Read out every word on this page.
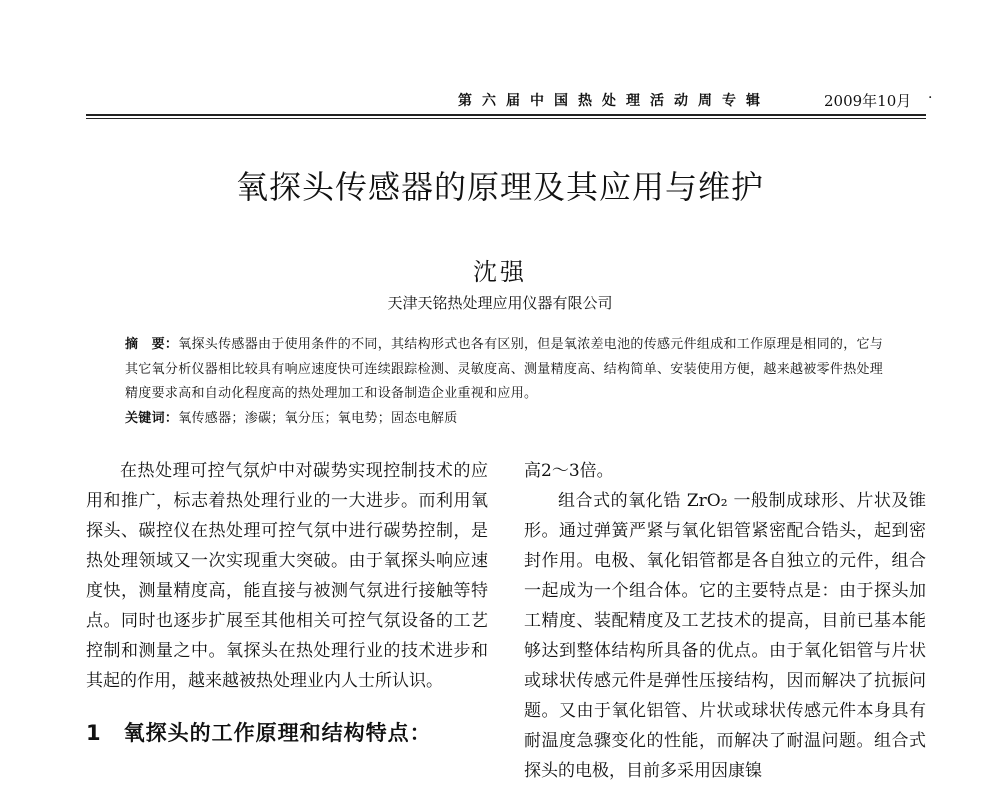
第六届中国热处理活动周专辑	2009年10月 ·
氧探头传感器的原理及其应用与维护
沈强
天津天铭热处理应用仪器有限公司

摘　要：氧探头传感器由于使用条件的不同，其结构形式也各有区别，但是氧浓差电池的传感元件组成和工作原理是相同的，它与其它氧分析仪器相比较具有响应速度快可连续跟踪检测、灵敏度高、测量精度高、结构简单、安装使用方便，越来越被零件热处理精度要求高和自动化程度高的热处理加工和设备制造企业重视和应用。

关键词：氧传感器；渗碳；氧分压；氧电势；固态电解质

在热处理可控气氛炉中对碳势实现控制技术的应用和推广，标志着热处理行业的一大进步。而利用氧探头、碳控仪在热处理可控气氛中进行碳势控制，是热处理领域又一次实现重大突破。由于氧探头响应速度快，测量精度高，能直接与被测气氛进行接触等特点。同时也逐步扩展至其他相关可控气氛设备的工艺控制和测量之中。氧探头在热处理行业的技术进步和其起的作用，越来越被热处理业内人士所认识。

1 氧探头的工作原理和结构特点：

高2～3倍。

组合式的氧化锆 ZrO₂ 一般制成球形、片状及锥形。通过弹簧严紧与氧化铝管紧密配合锆头，起到密封作用。电极、氧化铝管都是各自独立的元件，组合一起成为一个组合体。它的主要特点是：由于探头加工精度、装配精度及工艺技术的提高，目前已基本能够达到整体结构所具备的优点。由于氧化铝管与片状或球状传感元件是弹性压接结构，因而解决了抗振问题。又由于氧化铝管、片状或球状传感元件本身具有耐温度急骤变化的性能，而解决了耐温问题。组合式探头的电极，目前多采用因康镍
